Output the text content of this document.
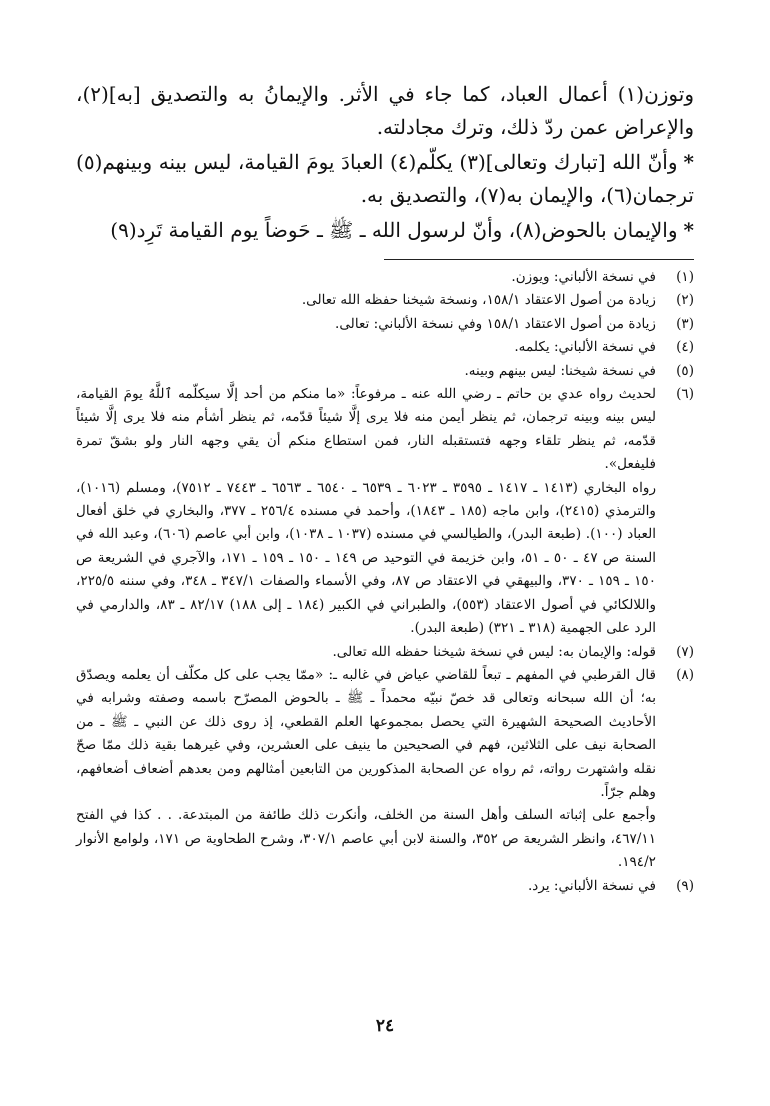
وتوزن(١) أعمال العباد، كما جاء في الأثر. والإيمانُ به والتصديق [به](٢)، والإعراض عمن ردّ ذلك، وترك مجادلته.

*وأنّ الله [تبارك وتعالى](٣) يكلّم(٤) العبادَ يومَ القيامة، ليس بينه وبينهم(٥) ترجمان(٦)، والإيمان به(٧)، والتصديق به.

*والإيمان بالحوض(٨)، وأنّ لرسول الله ـ ﷺ ـ حَوضاً يوم القيامة تَرِد(٩)

(١)
في نسخة الألباني: ويوزن.
(٢)
زيادة من أصول الاعتقاد ١٥٨/١، ونسخة شيخنا حفظه الله تعالى.
(٣)
زيادة من أصول الاعتقاد ١٥٨/١ وفي نسخة الألباني: تعالى.
(٤)
في نسخة الألباني: يكلمه.
(٥)
في نسخة شيخنا: ليس بينهم وبينه.
(٦)
لحديث رواه عدي بن حاتم ـ رضي الله عنه ـ مرفوعاً: «ما منكم من أحد إلَّا سيكلّمه ٱللَّهُ يومَ القيامة، ليس بينه وبينه ترجمان، ثم ينظر أيمن منه فلا يرى إلَّا شيئاً قدّمه، ثم ينظر أشأم منه فلا يرى إلَّا شيئاً قدّمه، ثم ينظر تلقاء وجهه فتستقبله النار، فمن استطاع منكم أن يقي وجهه النار ولو بشقّ تمرة فليفعل».
رواه البخاري (١٤١٣ ـ ١٤١٧ ـ ٣٥٩٥ ـ ٦٠٢٣ ـ ٦٥٣٩ ـ ٦٥٤٠ ـ ٦٥٦٣ ـ ٧٤٤٣ ـ ٧٥١٢)، ومسلم (١٠١٦)، والترمذي (٢٤١٥)، وابن ماجه (١٨٥ ـ ١٨٤٣)، وأحمد في مسنده ٢٥٦/٤ ـ ٣٧٧، والبخاري في خلق أفعال العباد (١٠٠). (طبعة البدر)، والطيالسي في مسنده (١٠٣٧ ـ ١٠٣٨)، وابن أبي عاصم (٦٠٦)، وعبد الله في السنة ص ٤٧ ـ ٥٠ ـ ٥١، وابن خزيمة في التوحيد ص ١٤٩ ـ ١٥٠ ـ ١٥٩ ـ ١٧١، والآجري في الشريعة ص ١٥٠ ـ ١٥٩ ـ ٣٧٠، والبيهقي في الاعتقاد ص ٨٧، وفي الأسماء والصفات ٣٤٧/١ ـ ٣٤٨، وفي سننه ٢٢٥/٥، واللالكائي في أصول الاعتقاد (٥٥٣)، والطبراني في الكبير (١٨٤ ـ إلى ١٨٨) ٨٢/١٧ ـ ٨٣، والدارمي في الرد على الجهمية (٣١٨ ـ ٣٢١) (طبعة البدر).
(٧)
قوله: والإيمان به: ليس في نسخة شيخنا حفظه الله تعالى.
(٨)
قال القرطبي في المفهم ـ تبعاً للقاضي عياض في غالبه ـ: «ممّا يجب على كل مكلّف أن يعلمه ويصدّق به؛ أن الله سبحانه وتعالى قد خصّ نبيّه محمداً ـ ﷺ ـ بالحوض المصرّح باسمه وصفته وشرابه في الأحاديث الصحيحة الشهيرة التي يحصل بمجموعها العلم القطعي، إذ روى ذلك عن النبي ـ ﷺ ـ من الصحابة نيف على الثلاثين، فهم في الصحيحين ما ينيف على العشرين، وفي غيرهما بقية ذلك ممّا صحّ نقله واشتهرت رواته، ثم رواه عن الصحابة المذكورين من التابعين أمثالهم ومن بعدهم أضعاف أضعافهم، وهلم جرّاً.
وأجمع على إثباته السلف وأهل السنة من الخلف، وأنكرت ذلك طائفة من المبتدعة. . . كذا في الفتح ٤٦٧/١١، وانظر الشريعة ص ٣٥٢، والسنة لابن أبي عاصم ٣٠٧/١، وشرح الطحاوية ص ١٧١، ولوامع الأنوار ١٩٤/٢.
(٩)
في نسخة الألباني: يرد.
٢٤
